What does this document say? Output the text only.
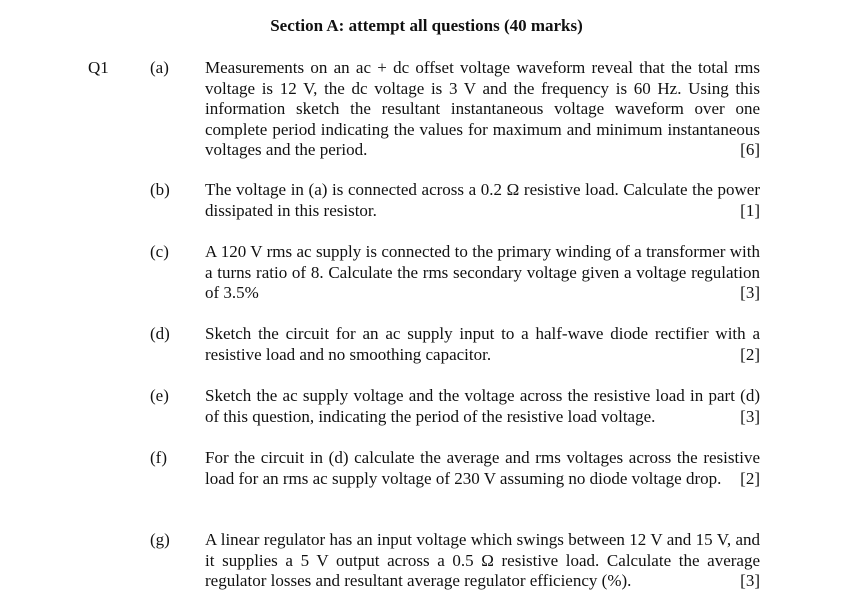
Section A: attempt all questions (40 marks)
Q1 (a) Measurements on an ac + dc offset voltage waveform reveal that the total rms voltage is 12 V, the dc voltage is 3 V and the frequency is 60 Hz. Using this information sketch the resultant instantaneous voltage waveform over one complete period indicating the values for maximum and minimum instantaneous voltages and the period.	[6]

(b) The voltage in (a) is connected across a 0.2 Ω resistive load. Calculate the power dissipated in this resistor.	[1]

(c) A 120 V rms ac supply is connected to the primary winding of a transformer with a turns ratio of 8. Calculate the rms secondary voltage given a voltage regulation of 3.5%	[3]

(d) Sketch the circuit for an ac supply input to a half-wave diode rectifier with a resistive load and no smoothing capacitor.	[2]

(e) Sketch the ac supply voltage and the voltage across the resistive load in part (d) of this question, indicating the period of the resistive load voltage.	[3]

(f) For the circuit in (d) calculate the average and rms voltages across the resistive load for an rms ac supply voltage of 230 V assuming no diode voltage drop. [2]

(g) A linear regulator has an input voltage which swings between 12 V and 15 V, and it supplies a 5 V output across a 0.5 Ω resistive load. Calculate the average regulator losses and resultant average regulator efficiency (%).	[3]
